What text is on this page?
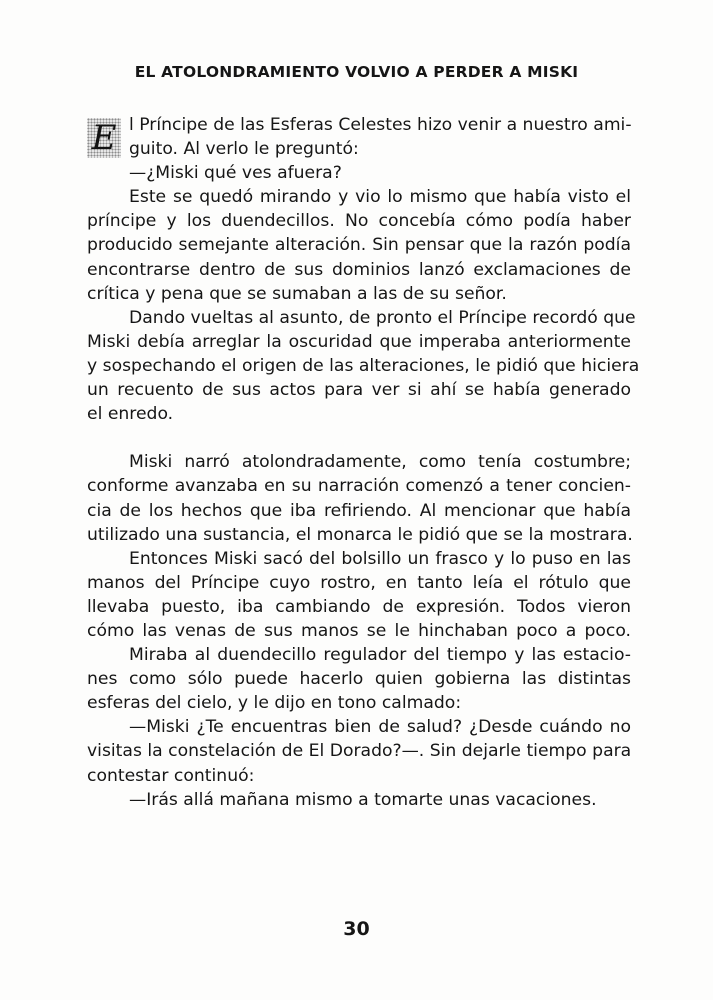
EL ATOLONDRAMIENTO VOLVIO A PERDER A MISKI
E l Príncipe de las Esferas Celestes hizo venir a nuestro ami-
guito. Al verlo le preguntó:
—¿Miski qué ves afuera?
Este se quedó mirando y vio lo mismo que había visto el
príncipe y los duendecillos. No concebía cómo podía haber
producido semejante alteración. Sin pensar que la razón podía
encontrarse dentro de sus dominios lanzó exclamaciones de
crítica y pena que se sumaban a las de su señor.
Dando vueltas al asunto, de pronto el Príncipe recordó que
Miski debía arreglar la oscuridad que imperaba anteriormente
y sospechando el origen de las alteraciones, le pidió que hiciera
un recuento de sus actos para ver si ahí se había generado
el enredo.
Miski narró atolondradamente, como tenía costumbre;
conforme avanzaba en su narración comenzó a tener concien-
cia de los hechos que iba refiriendo. Al mencionar que había
utilizado una sustancia, el monarca le pidió que se la mostrara.
Entonces Miski sacó del bolsillo un frasco y lo puso en las
manos del Príncipe cuyo rostro, en tanto leía el rótulo que
llevaba puesto, iba cambiando de expresión. Todos vieron
cómo las venas de sus manos se le hinchaban poco a poco.
Miraba al duendecillo regulador del tiempo y las estacio-
nes como sólo puede hacerlo quien gobierna las distintas
esferas del cielo, y le dijo en tono calmado:
—Miski ¿Te encuentras bien de salud? ¿Desde cuándo no
visitas la constelación de El Dorado?—. Sin dejarle tiempo para
contestar continuó:
—Irás allá mañana mismo a tomarte unas vacaciones.
30
